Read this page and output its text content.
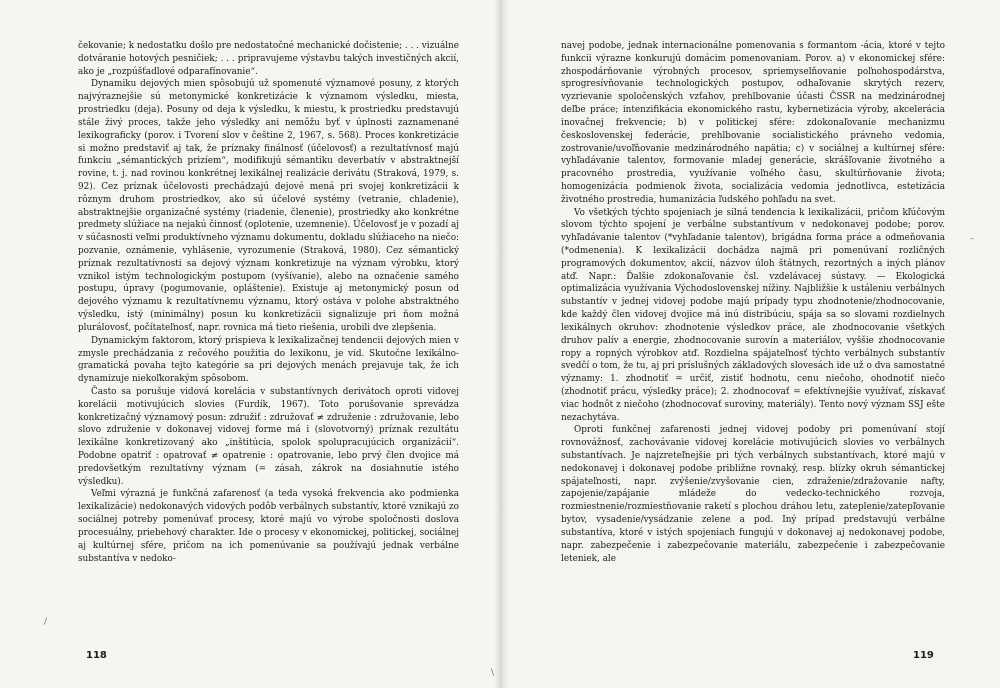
čekovanie; k nedostatku došlo pre nedostatočné mechanické dočistenie; . . . vizuálne dotváranie hotových pesničiek; . . . pripravujeme výstavbu takých investičných akcií, ako je „rozpúšťadlové odparafínovanie“.

Dynamiku dejových mien spôsobujú už spomenuté významové posuny, z ktorých najvýraznejšie sú metonymické konkretizácie k významom výsledku, miesta, prostriedku (deja). Posuny od deja k výsledku, k miestu, k prostriedku predstavujú stále živý proces, takže jeho výsledky ani nemôžu byť v úplnosti zaznamenané lexikograficky (porov. i Tvorení slov v češtine 2, 1967, s. 568). Proces konkretizácie si možno predstaviť aj tak, že príznaky finálnosť (účelovosť) a rezultatívnosť majú funkciu „sémantických prizíem“, modifikujú sémantiku deverbatív v abstraktnejší rovine, t. j. nad rovinou konkrétnej lexikálnej realizácie derivátu (Straková, 1979, s. 92). Cez príznak účelovosti prechádzajú dejové mená pri svojej konkretizácii k rôznym druhom prostriedkov, ako sú účelové systémy (vetranie, chladenie), abstraktnejšie organizačné systémy (riadenie, členenie), prostriedky ako konkrétne predmety slúžiace na nejakú činnosť (oplotenie, uzemnenie). Účelovosť je v pozadí aj v súčasnosti veľmi produktívneho významu dokumentu, dokladu slúžiaceho na niečo: pozvanie, oznámenie, vyhlásenie, vyrozumenie (Straková, 1980). Cez sémantický príznak rezultatívnosti sa dejový význam konkretizuje na význam výrobku, ktorý vznikol istým technologickým postupom (vyšívanie), alebo na označenie samého postupu, úpravy (pogumovanie, opláštenie). Existuje aj metonymický posun od dejového významu k rezultatívnemu významu, ktorý ostáva v polohe abstraktného výsledku, istý (minimálny) posun ku konkretizácii signalizuje pri ňom možná plurálovosť, počítateľnosť, napr. rovnica má tieto riešenia, urobili dve zlepšenia.

Dynamickým faktorom, ktorý prispieva k lexikalizačnej tendencii dejových mien v zmysle prechádzania z rečového použitia do lexikonu, je vid. Skutočne lexikálno-gramatická povaha tejto kategórie sa pri dejových menách prejavuje tak, že ich dynamizuje niekoľkorakým spôsobom.

Často sa porušuje vidová korelácia v substantívnych derivátoch oproti vidovej korelácii motivujúcich slovies (Furdík, 1967). Toto porušovanie sprevádza konkretizačný významový posun: združiť : združovať ≠ združenie : združovanie, lebo slovo združenie v dokonavej vidovej forme má i (slovotvorný) príznak rezultátu lexikálne konkretizovaný ako „inštitúcia, spolok spolupracujúcich organizácií“. Podobne opatriť : opatrovať ≠ opatrenie : opatrovanie, lebo prvý člen dvojice má predovšetkým rezultatívny význam (= zásah, zákrok na dosiahnutie istého výsledku).

Veľmi výrazná je funkčná zafarenosť (a teda vysoká frekvencia ako podmienka lexikalizácie) nedokonavých vidových podôb verbálnych substantív, ktoré vznikajú zo sociálnej potreby pomenúvať procesy, ktoré majú vo výrobe spoločnosti doslova procesuálny, priebehový charakter. Ide o procesy v ekonomickej, politickej, sociálnej aj kultúrnej sfére, pričom na ich pomenúvanie sa používajú jednak verbálne substantíva v nedoko-

118

navej podobe, jednak internacionálne pomenovania s formantom -ácia, ktoré v tejto funkcii výrazne konkurujú domácim pomenovaniam. Porov. a) v ekonomickej sfére: zhospodárňovanie výrobných procesov, spriemyselňovanie poľnohospodárstva, sprogresívňovanie technologických postupov, odhaľovanie skrytých rezerv, vyzrievanie spoločenských vzťahov, prehlbovanie účasti ČSSR na medzinárodnej deľbe práce; intenzifikácia ekonomického rastu, kybernetizácia výroby, akcelerácia inovačnej frekvencie; b) v politickej sfére: zdokonaľovanie mechanizmu československej federácie, prehlbovanie socialistického právneho vedomia, zostrovanie/uvoľňovanie medzinárodného napätia; c) v sociálnej a kultúrnej sfére: vyhľadávanie talentov, formovanie mladej generácie, skrášľovanie životného a pracovného prostredia, využívanie voľného času, skultúrňovanie života; homogenizácia podmienok života, socializácia vedomia jednotlivca, estetizácia životného prostredia, humanizácia ľudského pohľadu na svet.

Vo všetkých týchto spojeniach je silná tendencia k lexikalizácii, pričom kľúčovým slovom týchto spojení je verbálne substantívum v nedokonavej podobe; porov. vyhľadávanie talentov (*vyhľadanie talentov), brigádna forma práce a odmeňovania (*odmenenia). K lexikalizácii dochádza najmä pri pomenúvaní rozličných programových dokumentov, akcií, názvov úloh štátnych, rezortných a iných plánov atď. Napr.: Ďalšie zdokonaľovanie čsl. vzdelávacej sústavy. — Ekologická optimalizácia využívania Východoslovenskej nížiny. Najbližšie k ustáleniu verbálnych substantív v jednej vidovej podobe majú prípady typu zhodnotenie/zhodnocovanie, kde každý člen vidovej dvojice má inú distribúciu, spája sa so slovami rozdielnych lexikálnych okruhov: zhodnotenie výsledkov práce, ale zhodnocovanie všetkých druhov palív a energie, zhodnocovanie surovín a materiálov, vyššie zhodnocovanie ropy a ropných výrobkov atď. Rozdielna spájateľnosť týchto verbálnych substantív svedčí o tom, že tu, aj pri príslušných základových slovesách ide už o dva samostatné významy: 1. zhodnotiť = určiť, zistiť hodnotu, cenu niečoho, ohodnotiť niečo (zhodnotiť prácu, výsledky práce); 2. zhodnocovať = efektívnejšie využívať, získavať viac hodnôt z niečoho (zhodnocovať suroviny, materiály). Tento nový význam SSJ ešte nezachytáva.

Oproti funkčnej zafarenosti jednej vidovej podoby pri pomenúvaní stojí rovnovážnosť, zachovávanie vidovej korelácie motivujúcich slovies vo verbálnych substantívach. Je najzreteľnejšie pri tých verbálnych substantívach, ktoré majú v nedokonavej i dokonavej podobe približne rovnaký, resp. blízky okruh sémantickej spájateľnosti, napr. zvýšenie/zvyšovanie cien, zdraženie/zdražovanie nafty, zapojenie/zapájanie mládeže do vedecko-technického rozvoja, rozmiestnenie/rozmiestňovanie raketí s plochou dráhou letu, zateplenie/zatepľovanie bytov, vysadenie/vysádzanie zelene a pod. Iný prípad predstavujú verbálne substantíva, ktoré v istých spojeniach fungujú v dokonavej aj nedokonavej podobe, napr. zabezpečenie i zabezpečovanie materiálu, zabezpečenie i zabezpečovanie leteniek, ale

119
/
\
–
